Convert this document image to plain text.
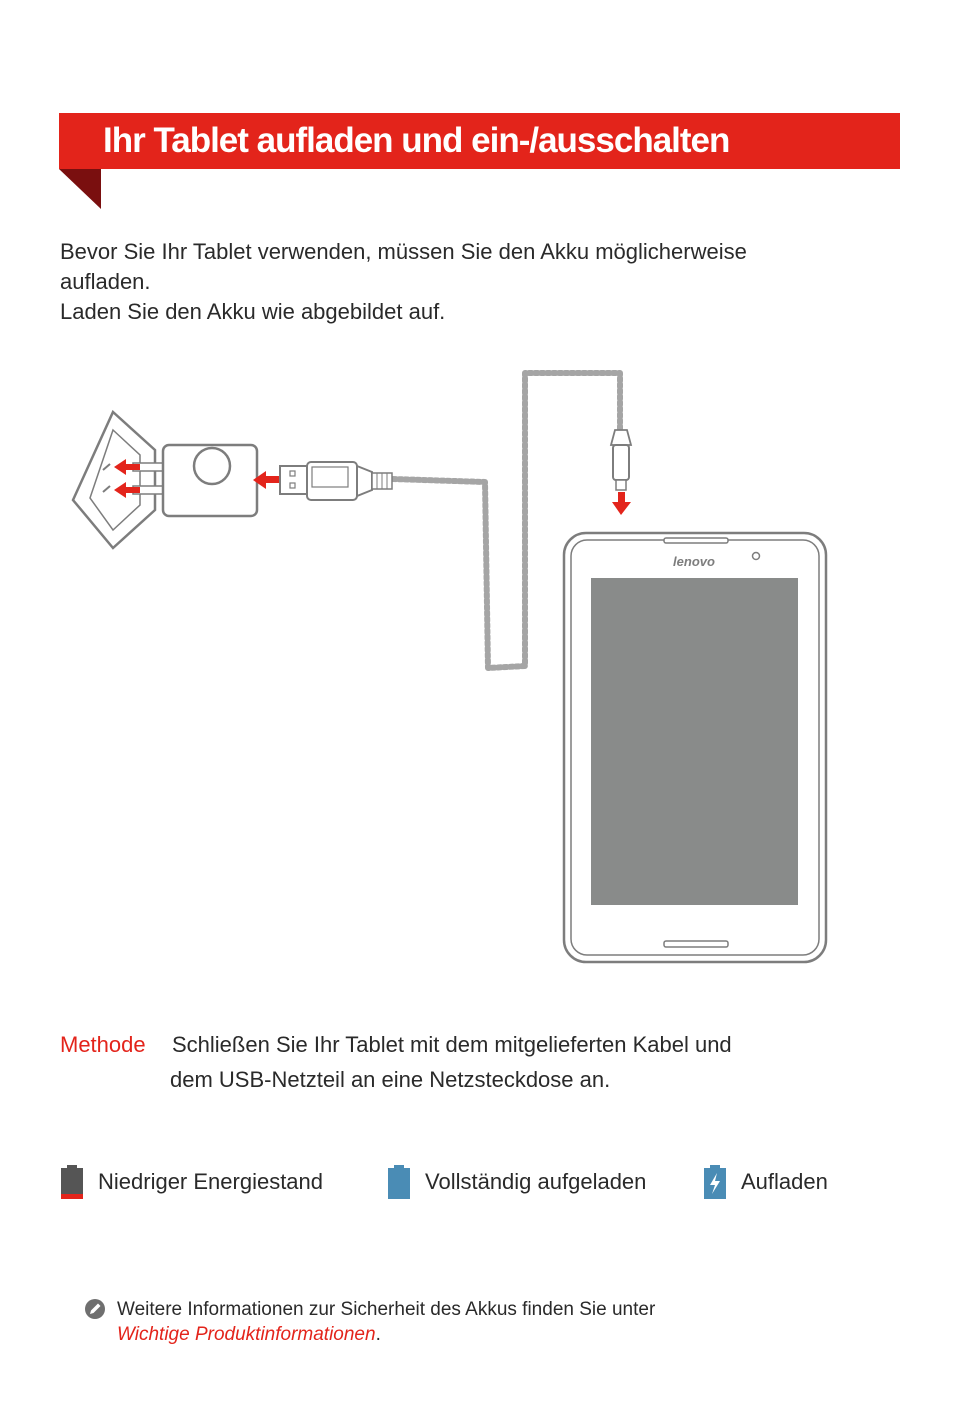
Ihr Tablet aufladen und ein-/ausschalten

Bevor Sie Ihr Tablet verwenden, müssen Sie den Akku möglicherweise

aufladen.

Laden Sie den Akku wie abgebildet auf.

lenovo
Methode Schließen Sie Ihr Tablet mit dem mitgelieferten Kabel und
dem USB-Netzteil an eine Netzsteckdose an.
Niedriger Energiestand	Vollständig aufgeladen	Aufladen
Weitere Informationen zur Sicherheit des Akkus finden Sie unter
Wichtige Produktinformationen.
